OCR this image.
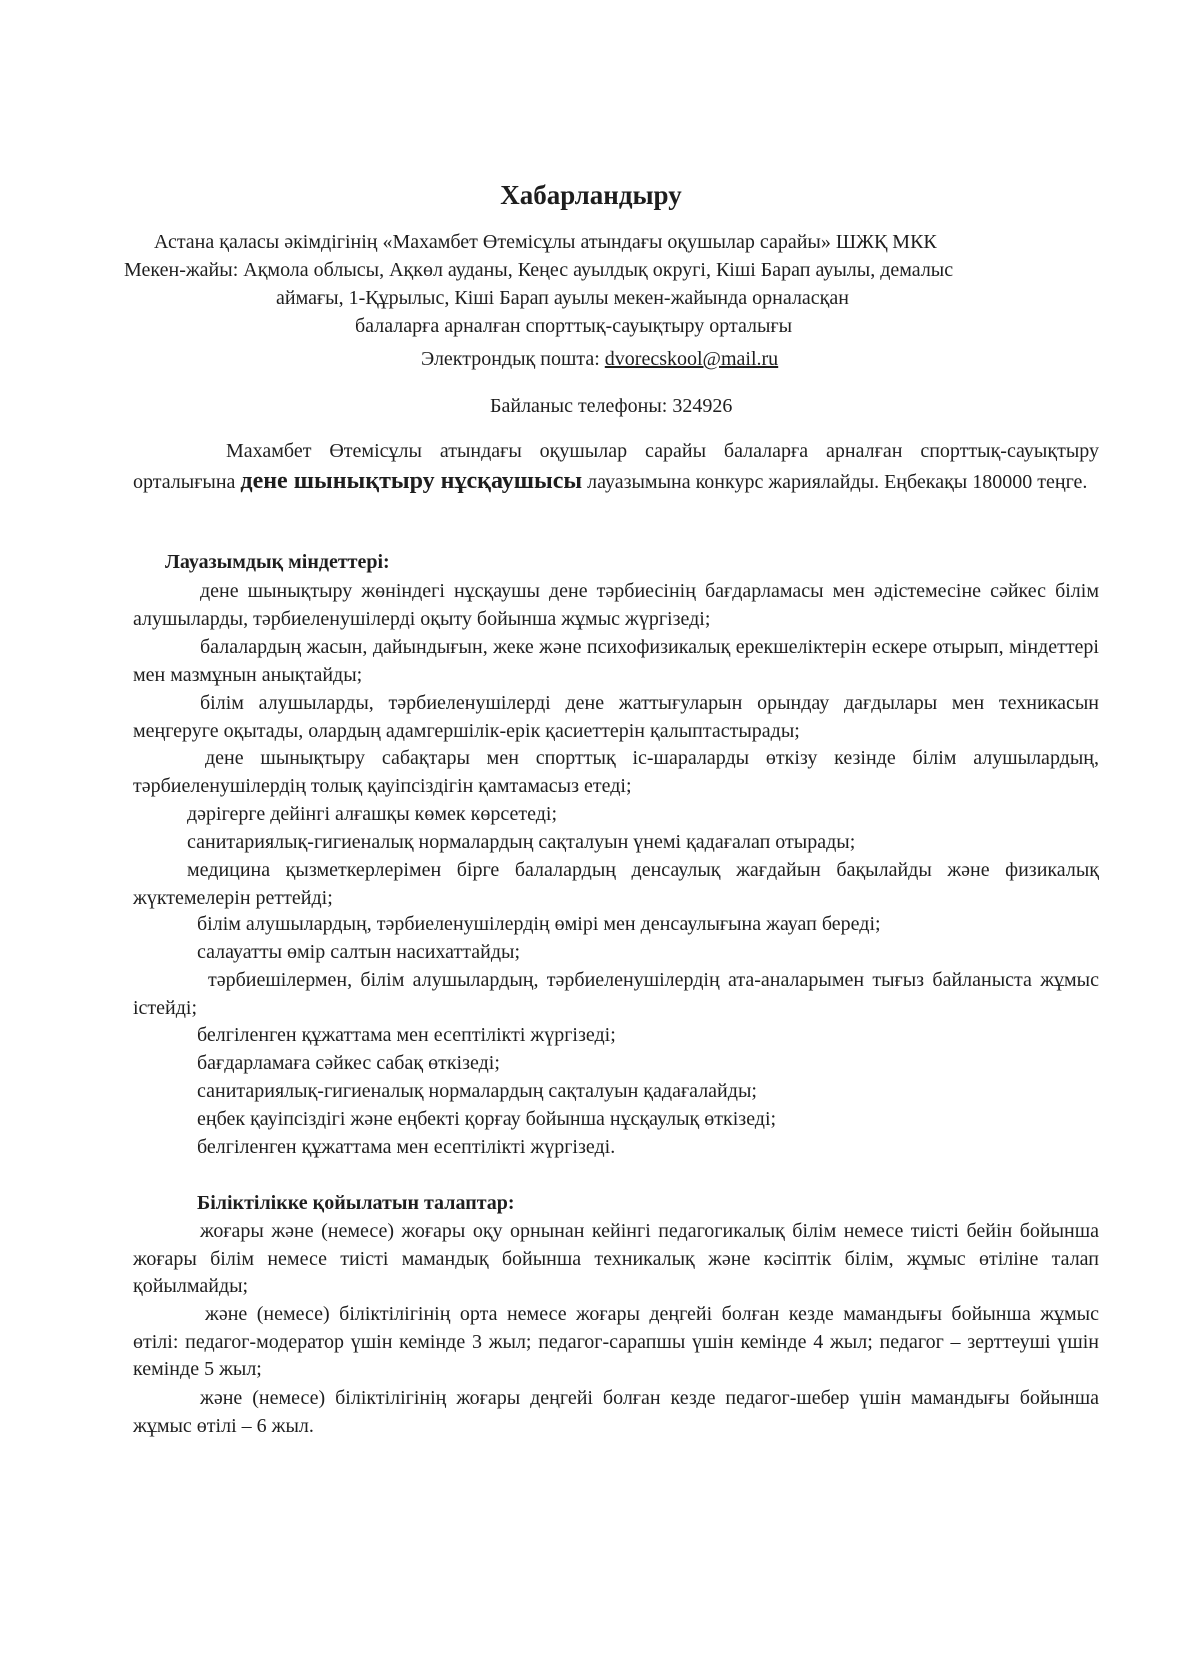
Хабарландыру

Астана қаласы әкімдігінің «Махамбет Өтемісұлы атындағы оқушылар сарайы» ШЖҚ МКК

Мекен-жайы: Ақмола облысы, Ақкөл ауданы, Кеңес ауылдық округі, Кіші Барап ауылы, демалыс

аймағы, 1-Құрылыс, Кіші Барап ауылы мекен-жайында орналасқан

балаларға арналған спорттық-сауықтыру орталығы

Электрондық пошта: dvorecskool@mail.ru

Байланыс телефоны: 324926

Махамбет Өтемісұлы атындағы оқушылар сарайы балаларға арналған спорттық-сауықтыру орталығына дене шынықтыру нұсқаушысы лауазымына конкурс жариялайды. Еңбекақы 180000 теңге.

Лауазымдық міндеттері:

дене шынықтыру жөніндегі нұсқаушы дене тәрбиесінің бағдарламасы мен әдістемесіне сәйкес білім алушыларды, тәрбиеленушілерді оқыту бойынша жұмыс жүргізеді;

балалардың жасын, дайындығын, жеке және психофизикалық ерекшеліктерін ескере отырып, міндеттері мен мазмұнын анықтайды;

білім алушыларды, тәрбиеленушілерді дене жаттығуларын орындау дағдылары мен техникасын меңгеруге оқытады, олардың адамгершілік-ерік қасиеттерін қалыптастырады;

дене шынықтыру сабақтары мен спорттық іс-шараларды өткізу кезінде білім алушылардың, тәрбиеленушілердің толық қауіпсіздігін қамтамасыз етеді;

дәрігерге дейінгі алғашқы көмек көрсетеді;

санитариялық-гигиеналық нормалардың сақталуын үнемі қадағалап отырады;

медицина қызметкерлерімен бірге балалардың денсаулық жағдайын бақылайды және физикалық жүктемелерін реттейді;

білім алушылардың, тәрбиеленушілердің өмірі мен денсаулығына жауап береді;

салауатты өмір салтын насихаттайды;

тәрбиешілермен, білім алушылардың, тәрбиеленушілердің ата-аналарымен тығыз байланыста жұмыс істейді;

белгіленген құжаттама мен есептілікті жүргізеді;

бағдарламаға сәйкес сабақ өткізеді;

санитариялық-гигиеналық нормалардың сақталуын қадағалайды;

еңбек қауіпсіздігі және еңбекті қорғау бойынша нұсқаулық өткізеді;

белгіленген құжаттама мен есептілікті жүргізеді.

Біліктілікке қойылатын талаптар:

жоғары және (немесе) жоғары оқу орнынан кейінгі педагогикалық білім немесе тиісті бейін бойынша жоғары білім немесе тиісті мамандық бойынша техникалық және кәсіптік білім, жұмыс өтіліне талап қойылмайды;

және (немесе) біліктілігінің орта немесе жоғары деңгейі болған кезде мамандығы бойынша жұмыс өтілі: педагог-модератор үшін кемінде 3 жыл; педагог-сарапшы үшін кемінде 4 жыл; педагог – зерттеуші үшін кемінде 5 жыл;

және (немесе) біліктілігінің жоғары деңгейі болған кезде педагог-шебер үшін мамандығы бойынша жұмыс өтілі – 6 жыл.
